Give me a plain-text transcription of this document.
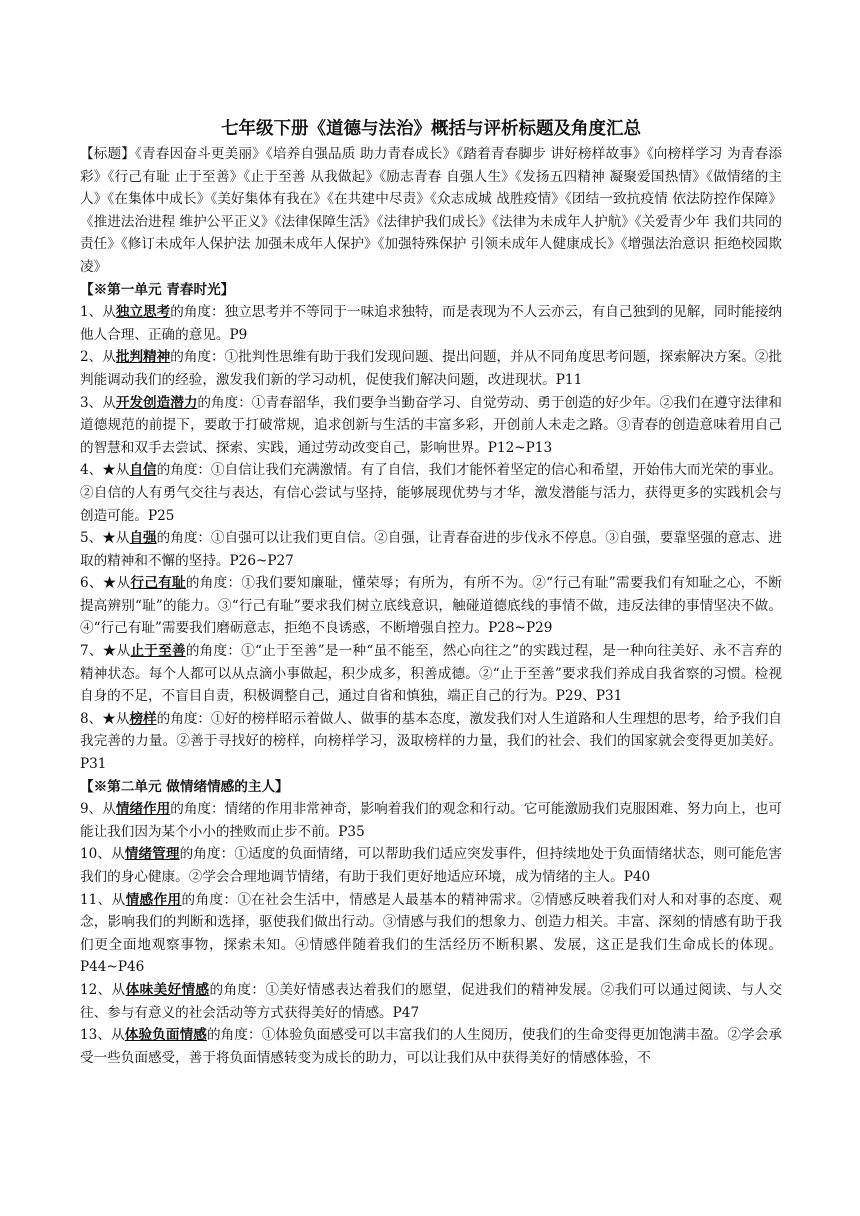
七年级下册《道德与法治》概括与评析标题及角度汇总

【标题】《青春因奋斗更美丽》《培养自强品质 助力青春成长》《踏着青春脚步 讲好榜样故事》《向榜样学习 为青春添彩》《行己有耻 止于至善》《止于至善 从我做起》《励志青春 自强人生》《发扬五四精神 凝聚爱国热情》《做情绪的主人》《在集体中成长》《美好集体有我在》《在共建中尽责》《众志成城 战胜疫情》《团结一致抗疫情 依法防控作保障》《推进法治进程 维护公平正义》《法律保障生活》《法律护我们成长》《法律为未成年人护航》《关爱青少年 我们共同的责任》《修订未成年人保护法 加强未成年人保护》《加强特殊保护 引领未成年人健康成长》《增强法治意识 拒绝校园欺凌》

【※第一单元 青春时光】

1、从独立思考的角度：独立思考并不等同于一味追求独特，而是表现为不人云亦云，有自己独到的见解，同时能接纳他人合理、正确的意见。P9

2、从批判精神的角度：①批判性思维有助于我们发现问题、提出问题，并从不同角度思考问题，探索解决方案。②批判能调动我们的经验，激发我们新的学习动机，促使我们解决问题，改进现状。P11

3、从开发创造潜力的角度：①青春韶华，我们要争当勤奋学习、自觉劳动、勇于创造的好少年。②我们在遵守法律和道德规范的前提下，要敢于打破常规，追求创新与生活的丰富多彩，开创前人未走之路。③青春的创造意味着用自己的智慧和双手去尝试、探索、实践，通过劳动改变自己，影响世界。P12~P13

4、★从自信的角度：①自信让我们充满激情。有了自信，我们才能怀着坚定的信心和希望，开始伟大而光荣的事业。②自信的人有勇气交往与表达，有信心尝试与坚持，能够展现优势与才华，激发潜能与活力，获得更多的实践机会与创造可能。P25

5、★从自强的角度：①自强可以让我们更自信。②自强，让青春奋进的步伐永不停息。③自强，要靠坚强的意志、进取的精神和不懈的坚持。P26~P27

6、★从行己有耻的角度：①我们要知廉耻，懂荣辱；有所为，有所不为。②“行己有耻”需要我们有知耻之心，不断提高辨别“耻”的能力。③“行己有耻”要求我们树立底线意识，触碰道德底线的事情不做，违反法律的事情坚决不做。④“行己有耻”需要我们磨砺意志，拒绝不良诱惑，不断增强自控力。P28~P29

7、★从止于至善的角度：①“止于至善”是一种“虽不能至，然心向往之”的实践过程，是一种向往美好、永不言弃的精神状态。每个人都可以从点滴小事做起，积少成多，积善成德。②“止于至善”要求我们养成自我省察的习惯。检视自身的不足，不盲目自责，积极调整自己，通过自省和慎独，端正自己的行为。P29、P31

8、★从榜样的角度：①好的榜样昭示着做人、做事的基本态度，激发我们对人生道路和人生理想的思考，给予我们自我完善的力量。②善于寻找好的榜样，向榜样学习，汲取榜样的力量，我们的社会、我们的国家就会变得更加美好。P31

【※第二单元 做情绪情感的主人】

9、从情绪作用的角度：情绪的作用非常神奇，影响着我们的观念和行动。它可能激励我们克服困难、努力向上，也可能让我们因为某个小小的挫败而止步不前。P35

10、从情绪管理的角度：①适度的负面情绪，可以帮助我们适应突发事件，但持续地处于负面情绪状态，则可能危害我们的身心健康。②学会合理地调节情绪，有助于我们更好地适应环境，成为情绪的主人。P40

11、从情感作用的角度：①在社会生活中，情感是人最基本的精神需求。②情感反映着我们对人和对事的态度、观念，影响我们的判断和选择，驱使我们做出行动。③情感与我们的想象力、创造力相关。丰富、深刻的情感有助于我们更全面地观察事物，探索未知。④情感伴随着我们的生活经历不断积累、发展，这正是我们生命成长的体现。P44~P46

12、从体味美好情感的角度：①美好情感表达着我们的愿望，促进我们的精神发展。②我们可以通过阅读、与人交往、参与有意义的社会活动等方式获得美好的情感。P47

13、从体验负面情感的角度：①体验负面感受可以丰富我们的人生阅历，使我们的生命变得更加饱满丰盈。②学会承受一些负面感受，善于将负面情感转变为成长的助力，可以让我们从中获得美好的情感体验，不
